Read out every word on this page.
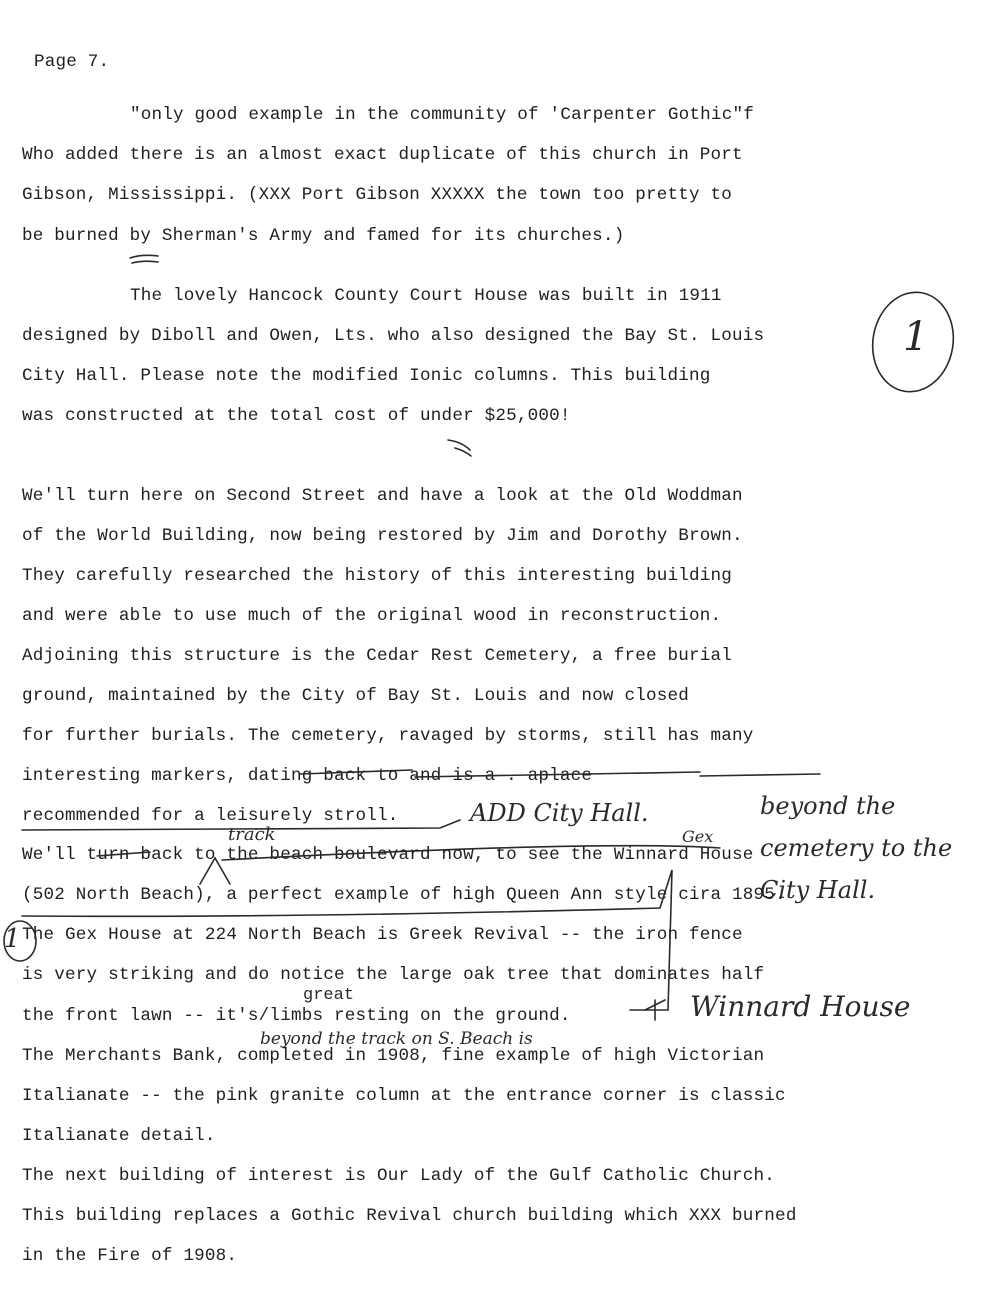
Page 7.
"only good example in the community of 'Carpenter Gothic"f
Who added there is an almost exact duplicate of this church in Port
Gibson, Mississippi. (XXX Port Gibson XXXXX the town too pretty to
be burned by Sherman's Army and famed for its churches.)
The lovely Hancock County Court House was built in 1911
designed by Diboll and Owen, Lts. who also designed the Bay St. Louis
City Hall. Please note the modified Ionic columns. This building
was constructed at the total cost of under $25,000!
We'll turn here on Second Street and have a look at the Old Woddman
of the World Building, now being restored by Jim and Dorothy Brown.
They carefully researched the history of this interesting building
and were able to use much of the original wood in reconstruction.
Adjoining this structure is the Cedar Rest Cemetery, a free burial
ground, maintained by the City of Bay St. Louis and now closed
for further burials. The cemetery, ravaged by storms, still has many
interesting markers, dating back to and is a . aplace
recommended for a leisurely stroll.
We'll turn back to the beach boulevard now, to see the Winnard House
(502 North Beach), a perfect example of high Queen Ann style cira 1895.
The Gex House at 224 North Beach is Greek Revival -- the iron fence
is very striking and do notice the large oak tree that dominates half
the front lawn -- it's/limbs resting on the ground.
The Merchants Bank, completed in 1908, fine example of high Victorian
Italianate -- the pink granite column at the entrance corner is classic
Italianate detail.
The next building of interest is Our Lady of the Gulf Catholic Church.
This building replaces a Gothic Revival church building which XXX burned
in the Fire of 1908.
1
ADD City Hall.	beyond the cemetery to the City Hall.
track	Gex
great	Winnard House
beyond the track on S. Beach is
1
